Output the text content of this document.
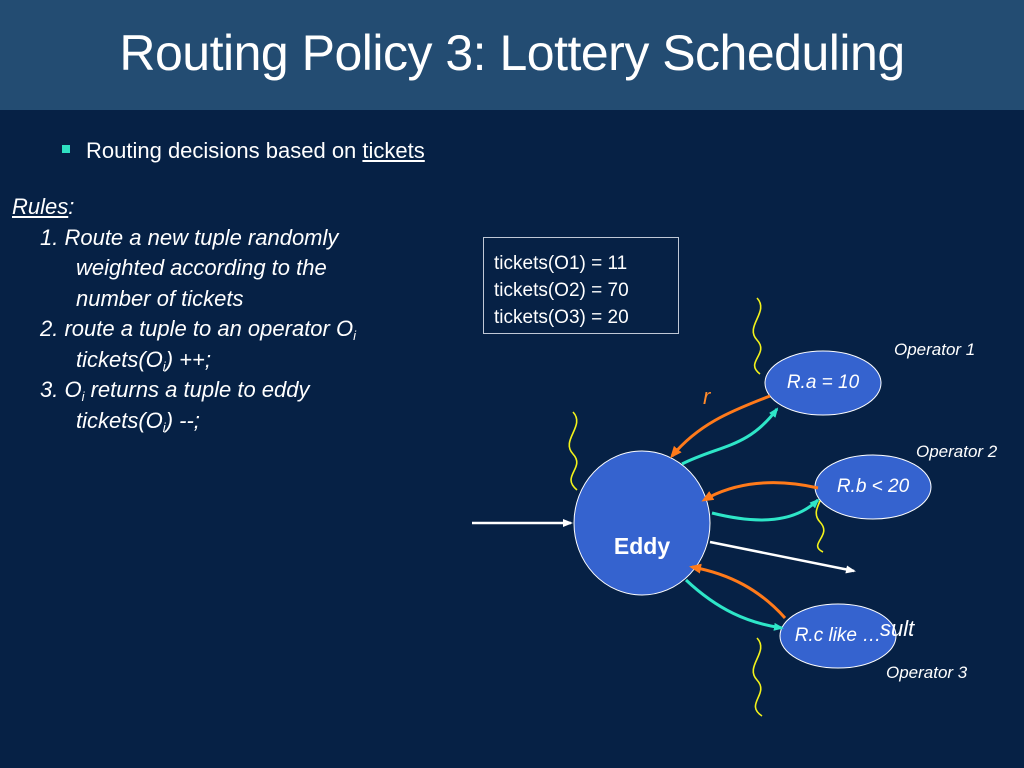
Routing Policy 3: Lottery Scheduling
Routing decisions based on tickets
Rules:
1. Route a new tuple randomly
weighted according to the
number of tickets
2. route a tuple to an operator $O_i$
$tickets(O_i)$ ++;
3. $O_i$ returns a tuple to eddy
$tickets(O_i)$ --;
tickets(O1) = 11
tickets(O2) = 70
tickets(O3) = 20
sult
Eddy
R.a = 10
R.b < 20
R.c like …
Operator 1
Operator 2
Operator 3
r
